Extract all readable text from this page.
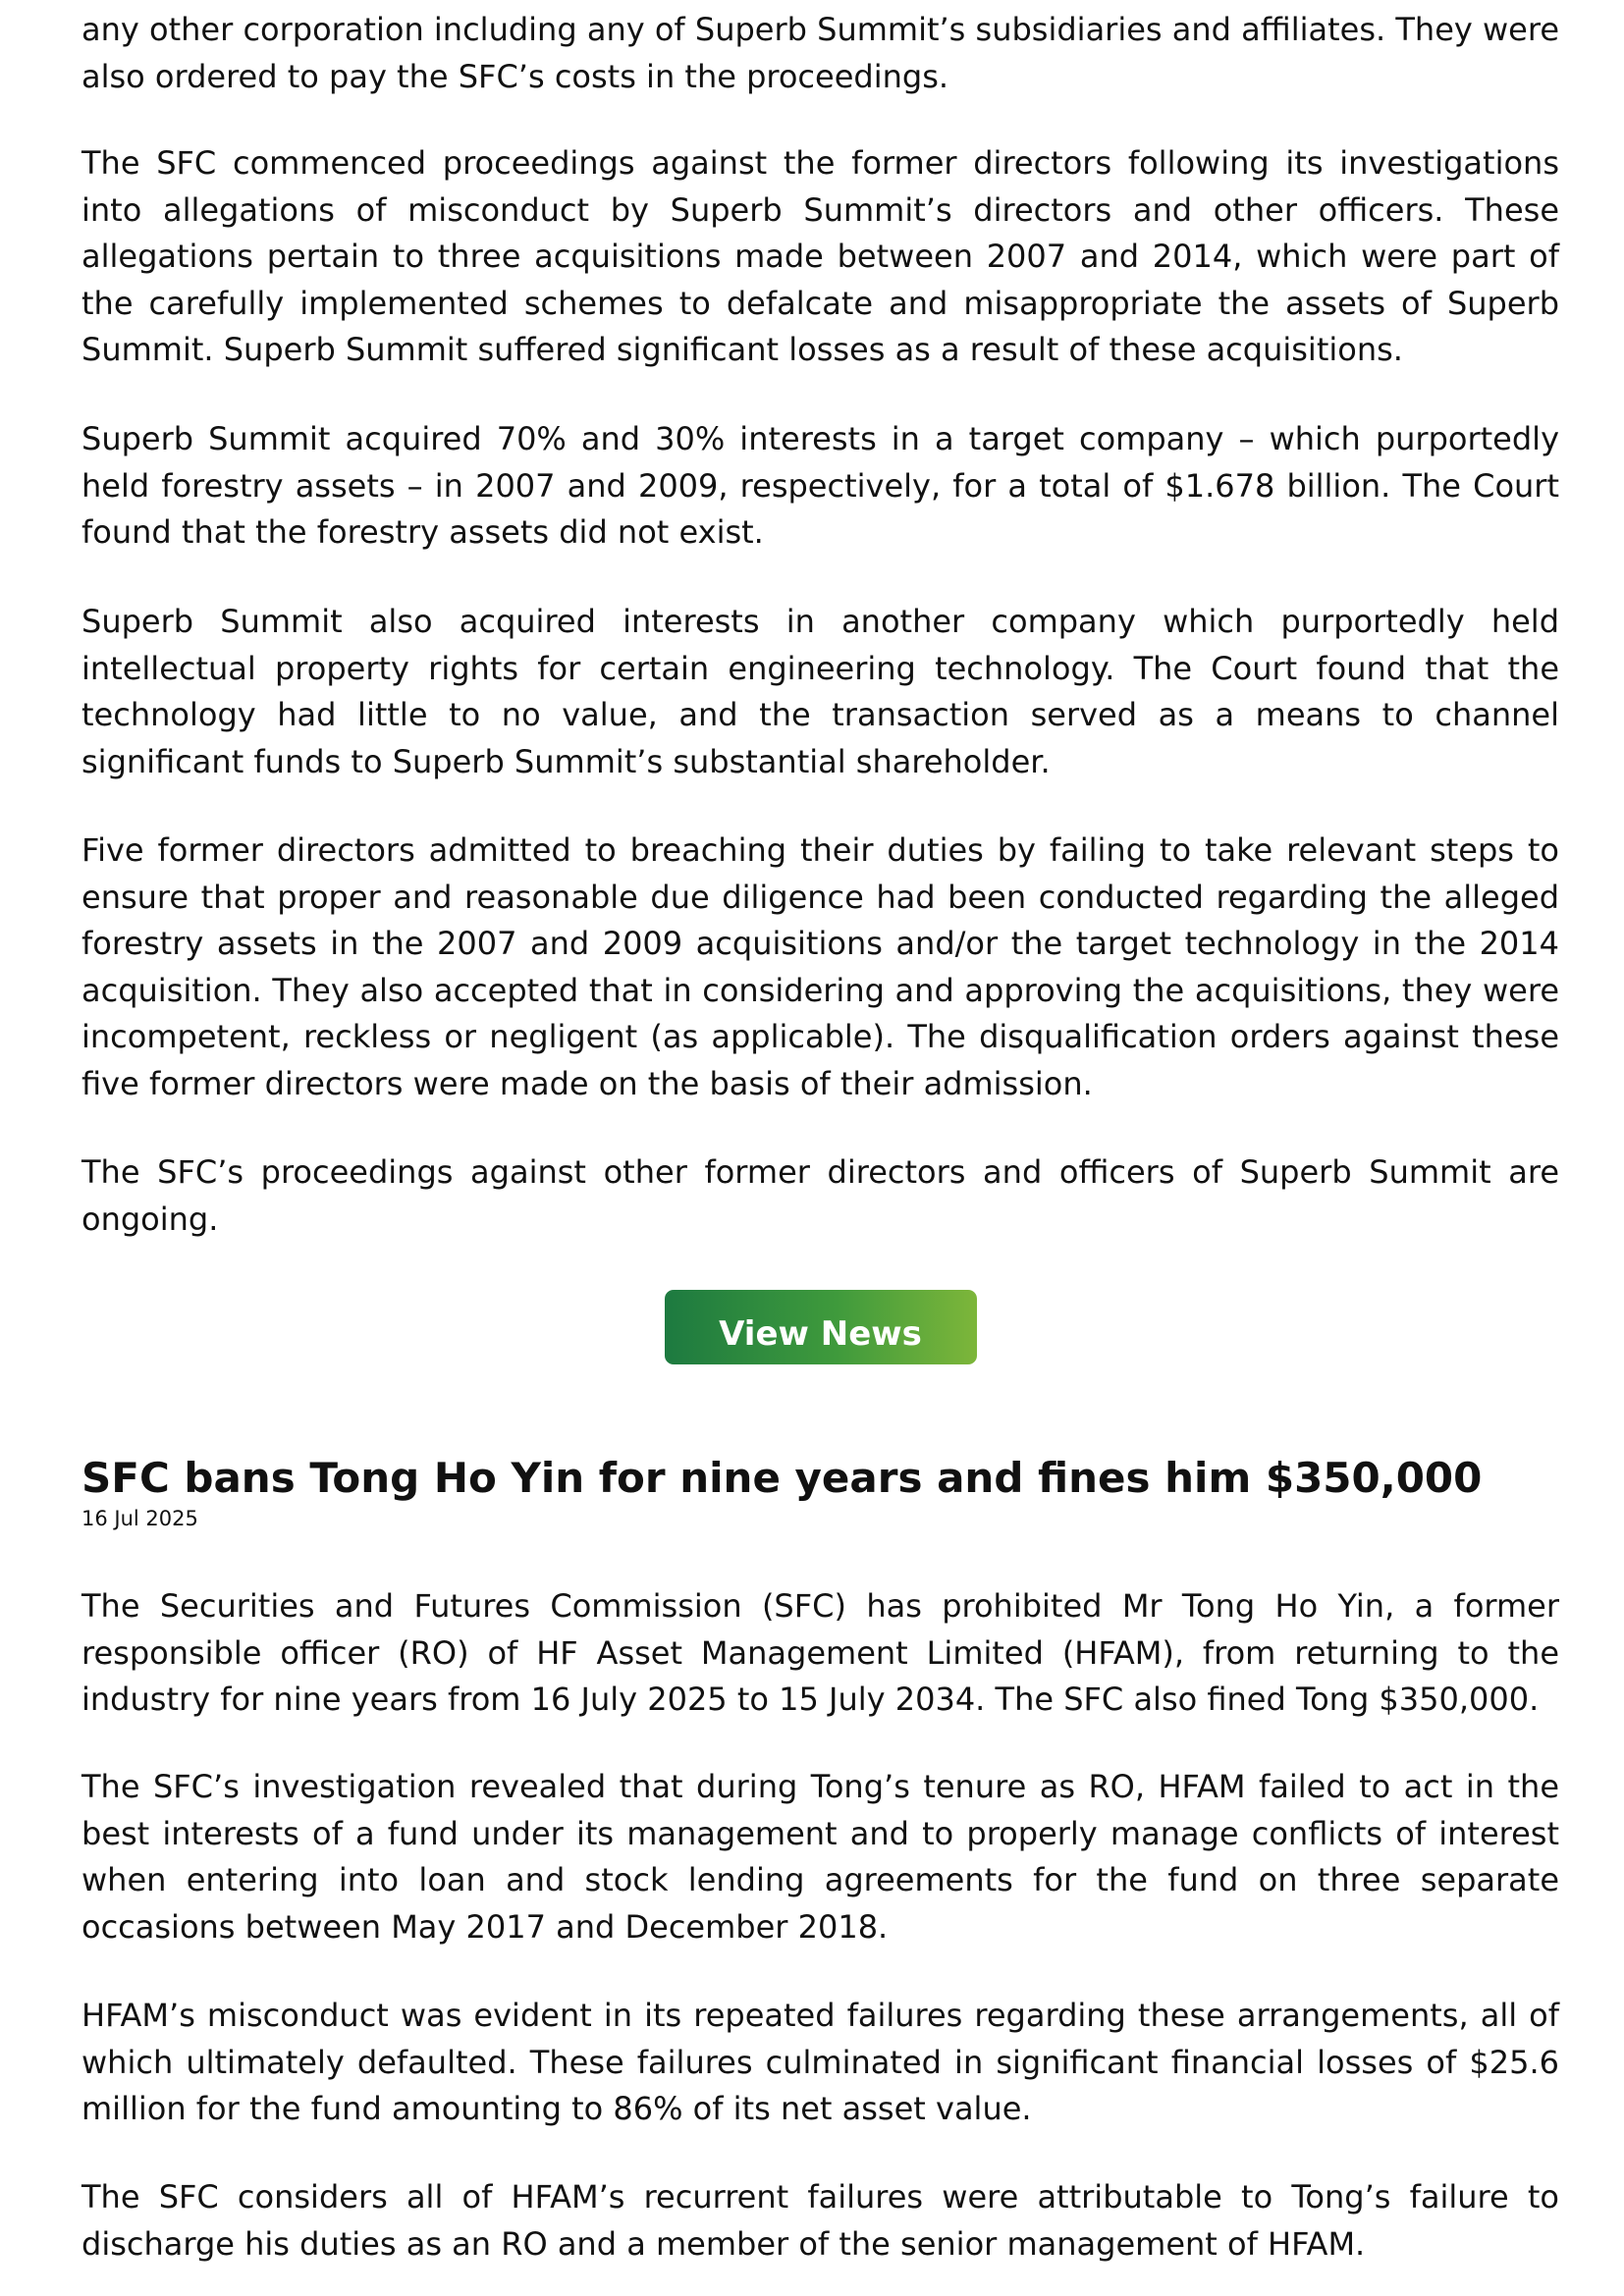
any other corporation including any of Superb Summit’s subsidiaries and affiliates. They were also ordered to pay the SFC’s costs in the proceedings.

The SFC commenced proceedings against the former directors following its investigations into allegations of misconduct by Superb Summit’s directors and other officers. These allegations pertain to three acquisitions made between 2007 and 2014, which were part of the carefully implemented schemes to defalcate and misappropriate the assets of Superb Summit. Superb Summit suffered significant losses as a result of these acquisitions.

Superb Summit acquired 70% and 30% interests in a target company – which purportedly held forestry assets – in 2007 and 2009, respectively, for a total of $1.678 billion. The Court found that the forestry assets did not exist.

Superb Summit also acquired interests in another company which purportedly held intellectual property rights for certain engineering technology. The Court found that the technology had little to no value, and the transaction served as a means to channel significant funds to Superb Summit’s substantial shareholder.

Five former directors admitted to breaching their duties by failing to take relevant steps to ensure that proper and reasonable due diligence had been conducted regarding the alleged forestry assets in the 2007 and 2009 acquisitions and/or the target technology in the 2014 acquisition. They also accepted that in considering and approving the acquisitions, they were incompetent, reckless or negligent (as applicable). The disqualification orders against these five former directors were made on the basis of their admission.

The SFC’s proceedings against other former directors and officers of Superb Summit are ongoing.

View News
SFC bans Tong Ho Yin for nine years and fines him $350,000
16 Jul 2025

The Securities and Futures Commission (SFC) has prohibited Mr Tong Ho Yin, a former responsible officer (RO) of HF Asset Management Limited (HFAM), from returning to the industry for nine years from 16 July 2025 to 15 July 2034. The SFC also fined Tong $350,000.

The SFC’s investigation revealed that during Tong’s tenure as RO, HFAM failed to act in the best interests of a fund under its management and to properly manage conflicts of interest when entering into loan and stock lending agreements for the fund on three separate occasions between May 2017 and December 2018.

HFAM’s misconduct was evident in its repeated failures regarding these arrangements, all of which ultimately defaulted. These failures culminated in significant financial losses of $25.6 million for the fund amounting to 86% of its net asset value.

The SFC considers all of HFAM’s recurrent failures were attributable to Tong’s failure to discharge his duties as an RO and a member of the senior management of HFAM.
